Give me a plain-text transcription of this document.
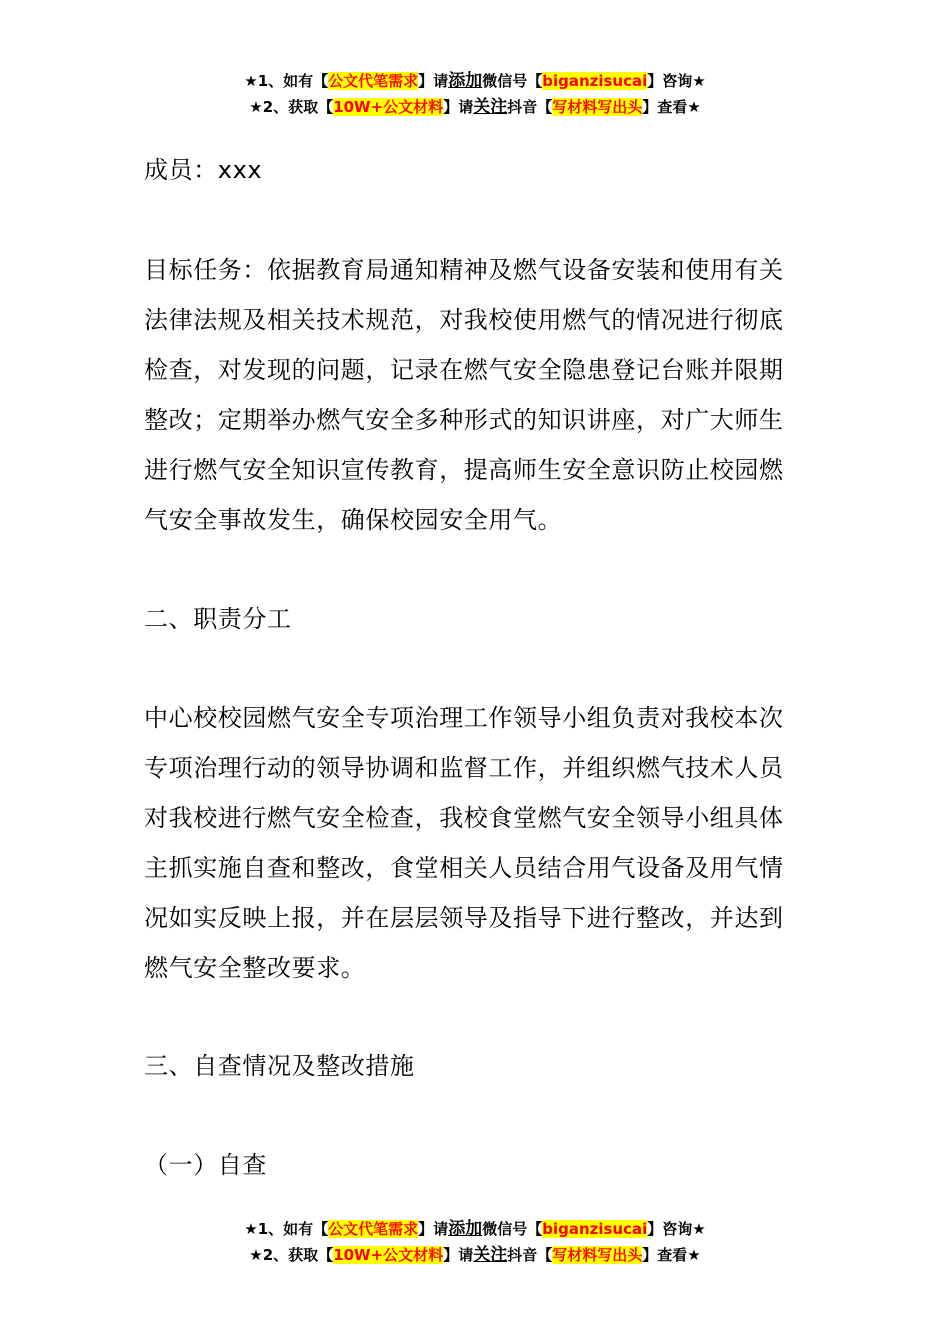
★1、如有【公文代笔需求】请添加微信号【biganzisucai】咨询★
★2、获取【10W+公文材料】请关注抖音【写材料写出头】查看★

成员：xxx

目标任务：依据教育局通知精神及燃气设备安装和使用有关法律法规及相关技术规范，对我校使用燃气的情况进行彻底检查，对发现的问题，记录在燃气安全隐患登记台账并限期整改；定期举办燃气安全多种形式的知识讲座，对广大师生进行燃气安全知识宣传教育，提高师生安全意识防止校园燃气安全事故发生，确保校园安全用气。

二、职责分工

中心校校园燃气安全专项治理工作领导小组负责对我校本次专项治理行动的领导协调和监督工作，并组织燃气技术人员对我校进行燃气安全检查，我校食堂燃气安全领导小组具体主抓实施自查和整改，食堂相关人员结合用气设备及用气情况如实反映上报，并在层层领导及指导下进行整改，并达到燃气安全整改要求。

三、自查情况及整改措施

（一）自查

★1、如有【公文代笔需求】请添加微信号【biganzisucai】咨询★
★2、获取【10W+公文材料】请关注抖音【写材料写出头】查看★
